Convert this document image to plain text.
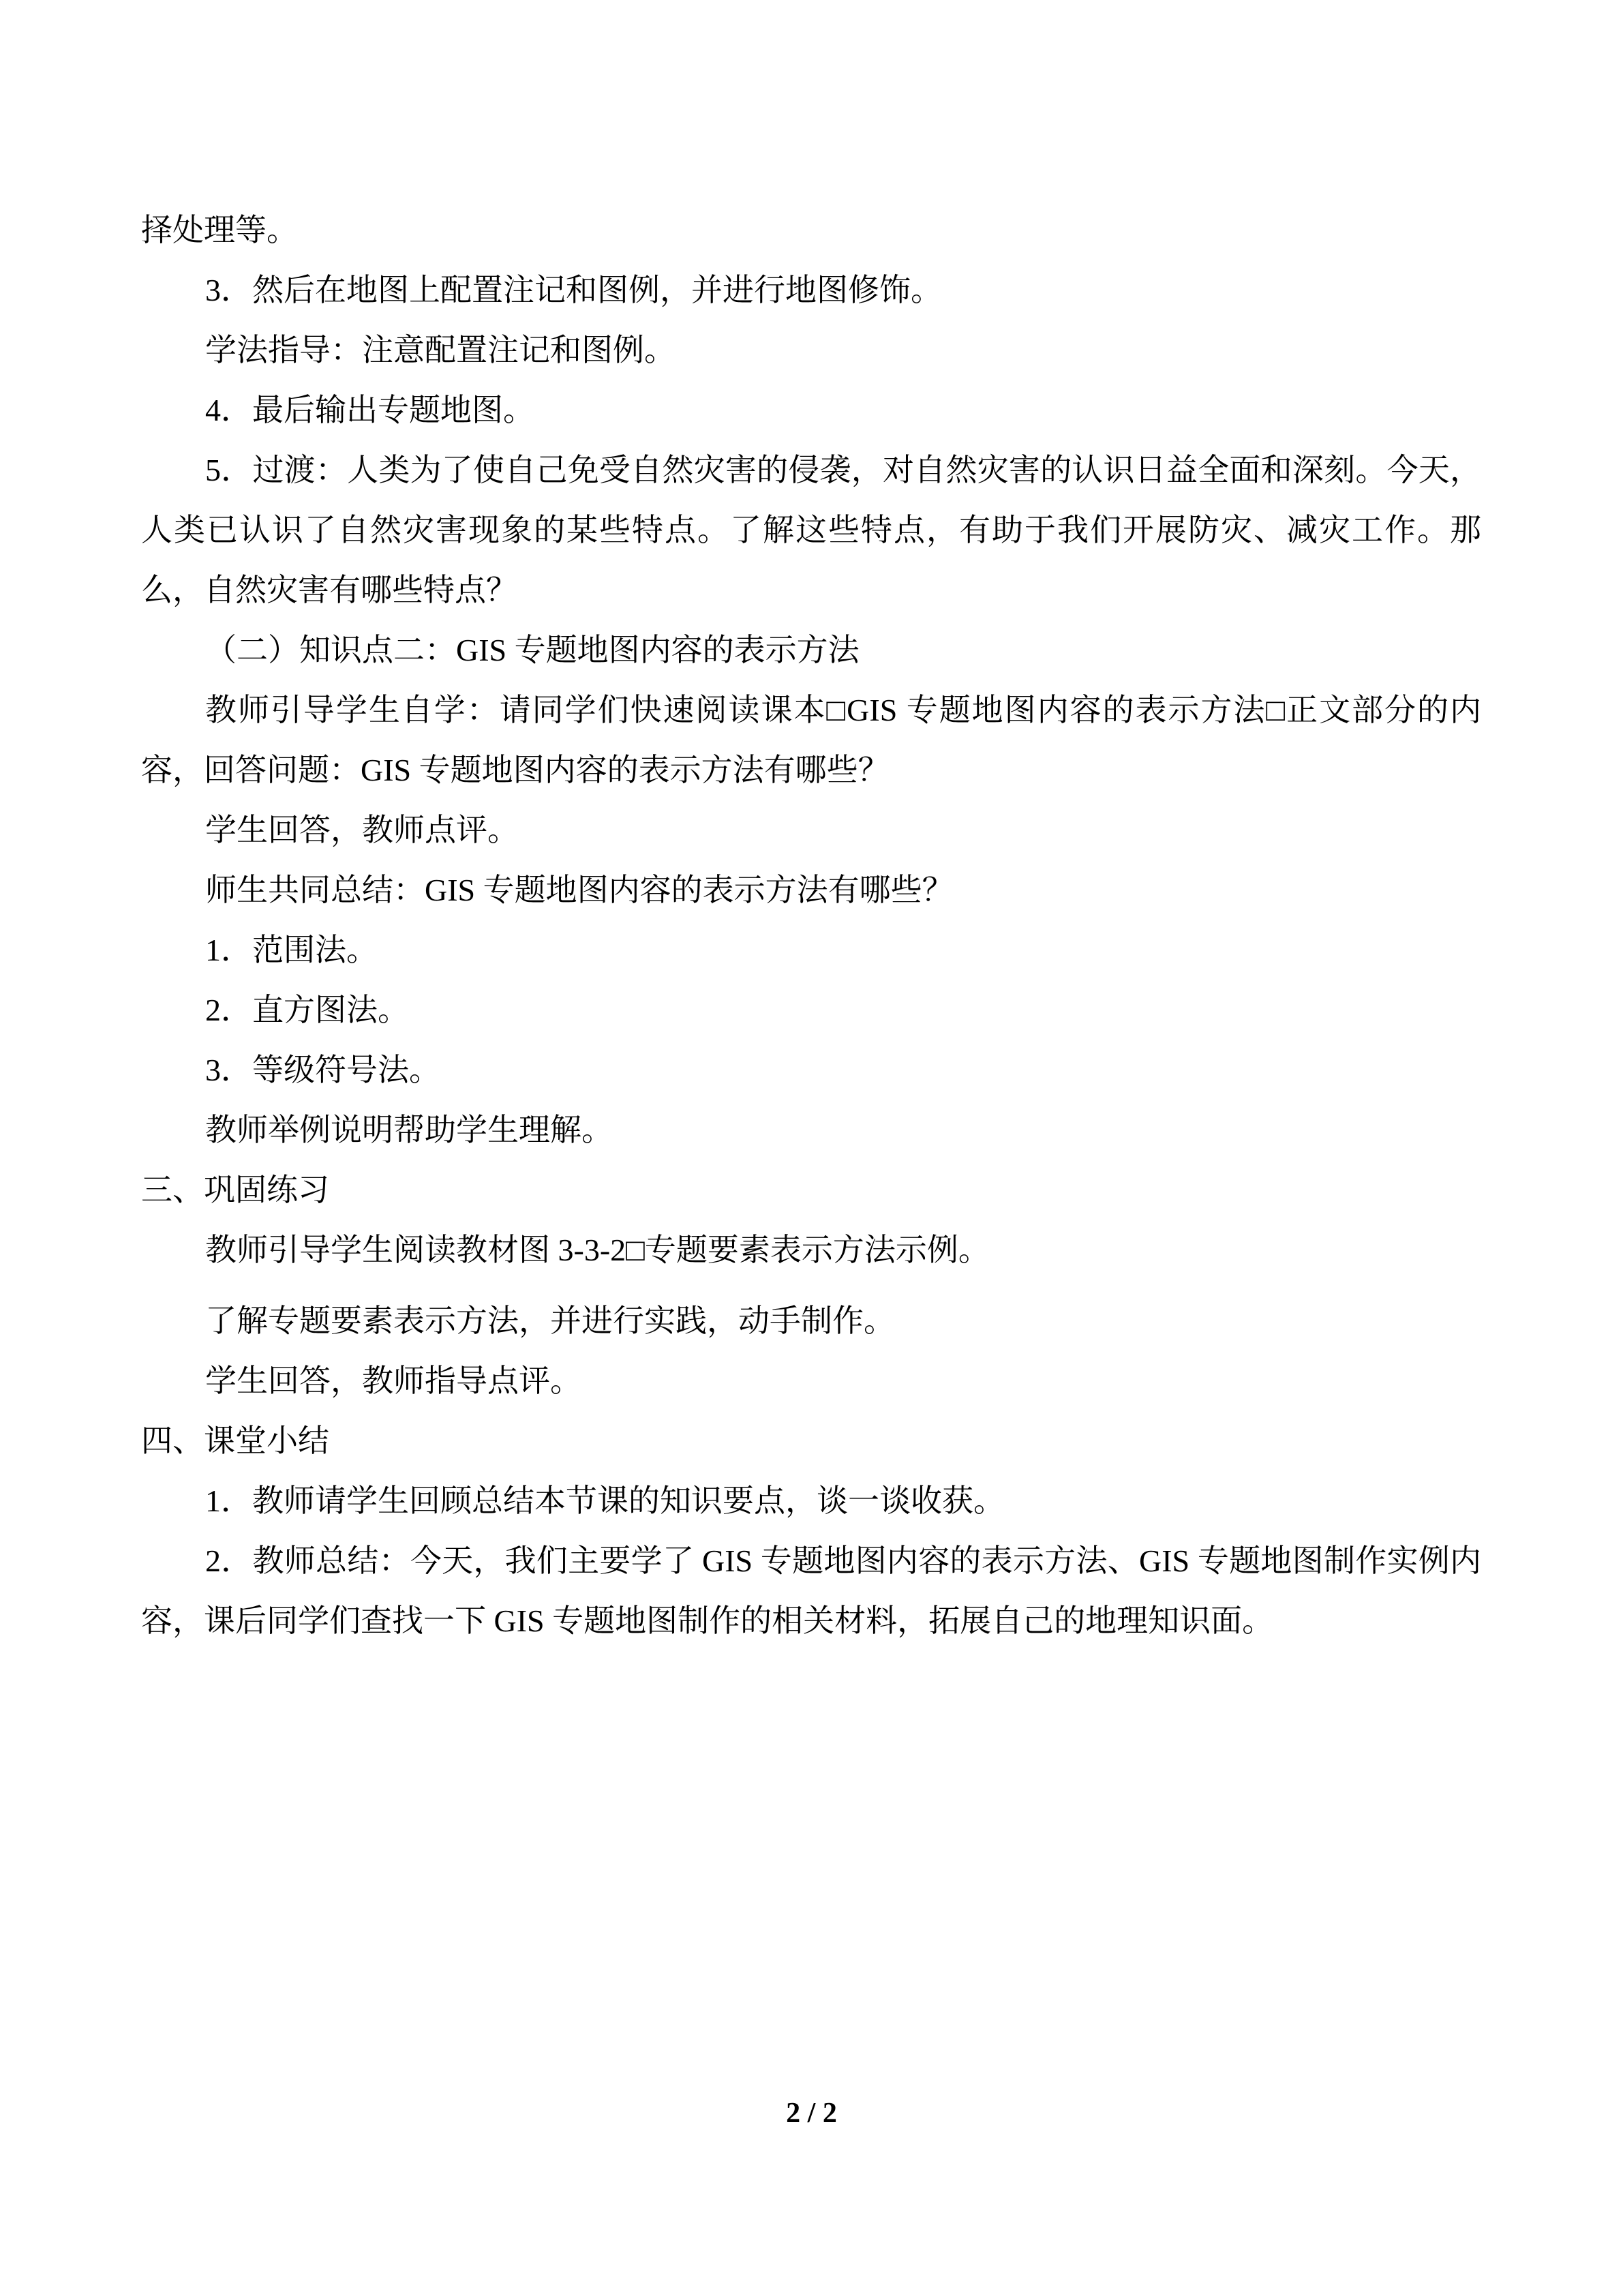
择处理等。

3．然后在地图上配置注记和图例，并进行地图修饰。

学法指导：注意配置注记和图例。

4．最后输出专题地图。

5．过渡：人类为了使自己免受自然灾害的侵袭，对自然灾害的认识日益全面和深刻。今天，人类已认识了自然灾害现象的某些特点。了解这些特点，有助于我们开展防灾、减灾工作。那么，自然灾害有哪些特点？

（二）知识点二：GIS 专题地图内容的表示方法

教师引导学生自学：请同学们快速阅读课本□GIS 专题地图内容的表示方法□正文部分的内容，回答问题：GIS 专题地图内容的表示方法有哪些？

学生回答，教师点评。

师生共同总结：GIS 专题地图内容的表示方法有哪些？

1．范围法。

2．直方图法。

3．等级符号法。

教师举例说明帮助学生理解。

三、巩固练习

教师引导学生阅读教材图 3-3-2□专题要素表示方法示例。

了解专题要素表示方法，并进行实践，动手制作。

学生回答，教师指导点评。

四、课堂小结

1．教师请学生回顾总结本节课的知识要点，谈一谈收获。

2．教师总结：今天，我们主要学了 GIS 专题地图内容的表示方法、GIS 专题地图制作实例内容，课后同学们查找一下 GIS 专题地图制作的相关材料，拓展自己的地理知识面。

2 / 2
